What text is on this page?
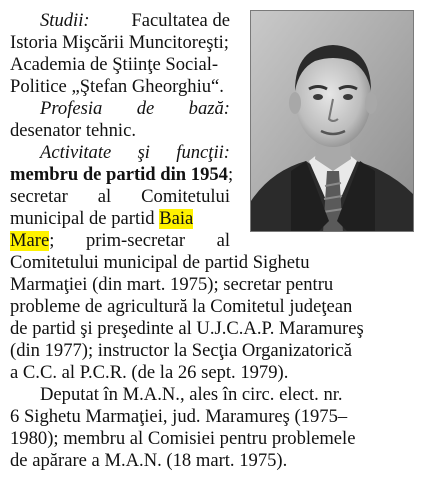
Studii: Facultatea de
Istoria Mişcării Muncitoreşti;
Academia de Ştiinţe Social-
Politice „Ştefan Gheorghiu“.
Profesia de bază:
desenator tehnic.
Activitate şi funcţii:
membru de partid din 1954 ;
secretar al Comitetului
municipal de partid Baia
Mare; prim-secretar al
Comitetului municipal de partid Sighetu
Marmaţiei (din mart. 1975); secretar pentru
probleme de agricultură la Comitetul judeţean
de partid şi preşedinte al U.J.C.A.P. Maramureş
(din 1977); instructor la Secţia Organizatorică
a C.C. al P.C.R. (de la 26 sept. 1979).
Deputat în M.A.N., ales în circ. elect. nr.
6 Sighetu Marmaţiei, jud. Maramureş (1975–
1980); membru al Comisiei pentru problemele
de apărare a M.A.N. (18 mart. 1975).
